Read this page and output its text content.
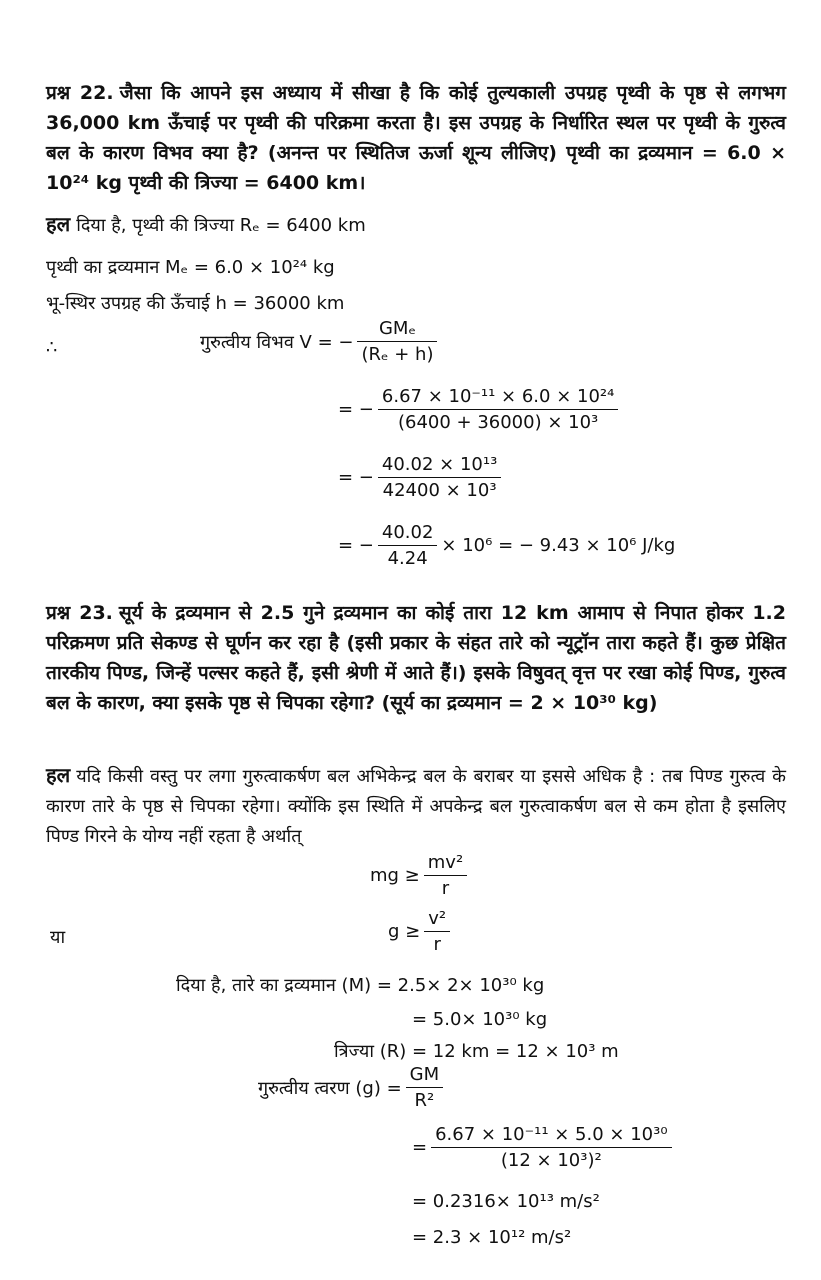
प्रश्न 22. जैसा कि आपने इस अध्याय में सीखा है कि कोई तुल्यकाली उपग्रह पृथ्वी के पृष्ठ से लगभग 36,000 km ऊँचाई पर पृथ्वी की परिक्रमा करता है। इस उपग्रह के निर्धारित स्थल पर पृथ्वी के गुरुत्व बल के कारण विभव क्या है? (अनन्त पर स्थितिज ऊर्जा शून्य लीजिए) पृथ्वी का द्रव्यमान = 6.0 × 10²⁴ kg पृथ्वी की त्रिज्या = 6400 km।
हल दिया है, पृथ्वी की त्रिज्या Rₑ = 6400 km
पृथ्वी का द्रव्यमान Mₑ = 6.0 × 10²⁴ kg
भू-स्थिर उपग्रह की ऊँचाई h = 36000 km
∴	गुरुत्वीय विभव V = − $\frac{\text{GMₑ}}{\text{(Rₑ + h)}}$
= − $\frac{\text{6.67 × 10⁻¹¹ × 6.0 × 10²⁴}}{\text{(6400 + 36000) × 10³}}$
= − $\frac{\text{40.02 × 10¹³}}{\text{42400 × 10³}}$
= − $\frac{40.02}{4.24} \times 10^6$ = − 9.43 × 10⁶ J/kg
प्रश्न 23. सूर्य के द्रव्यमान से 2.5 गुने द्रव्यमान का कोई तारा 12 km आमाप से निपात होकर 1.2 परिक्रमण प्रति सेकण्ड से घूर्णन कर रहा है (इसी प्रकार के संहत तारे को न्यूट्रॉन तारा कहते हैं। कुछ प्रेक्षित तारकीय पिण्ड, जिन्हें पल्सर कहते हैं, इसी श्रेणी में आते हैं।) इसके विषुवत् वृत्त पर रखा कोई पिण्ड, गुरुत्व बल के कारण, क्या इसके पृष्ठ से चिपका रहेगा? (सूर्य का द्रव्यमान = 2 × 10³⁰ kg)
हल यदि किसी वस्तु पर लगा गुरुत्वाकर्षण बल अभिकेन्द्र बल के बराबर या इससे अधिक है : तब पिण्ड गुरुत्व के कारण तारे के पृष्ठ से चिपका रहेगा। क्योंकि इस स्थिति में अपकेन्द्र बल गुरुत्वाकर्षण बल से कम होता है इसलिए पिण्ड गिरने के योग्य नहीं रहता है अर्थात्
mg ≥ $\frac{\text{mv²}}{r}$
या	$g \ge \frac{\text{v²}}{r}$
दिया है, तारे का द्रव्यमान (M) = 2.5× 2× 10³⁰ kg
= 5.0× 10³⁰ kg
त्रिज्या (R) = 12 km = 12 × 10³ m
गुरुत्वीय त्वरण $(g) = \frac{GM}{\text{R²}}$
= $\frac{\text{6.67 × 10⁻¹¹ × 5.0 × 10³⁰}}{\text{(12 × 10³)²}}$
= 0.2316× 10¹³ m/s²
= 2.3 × 10¹² m/s²
